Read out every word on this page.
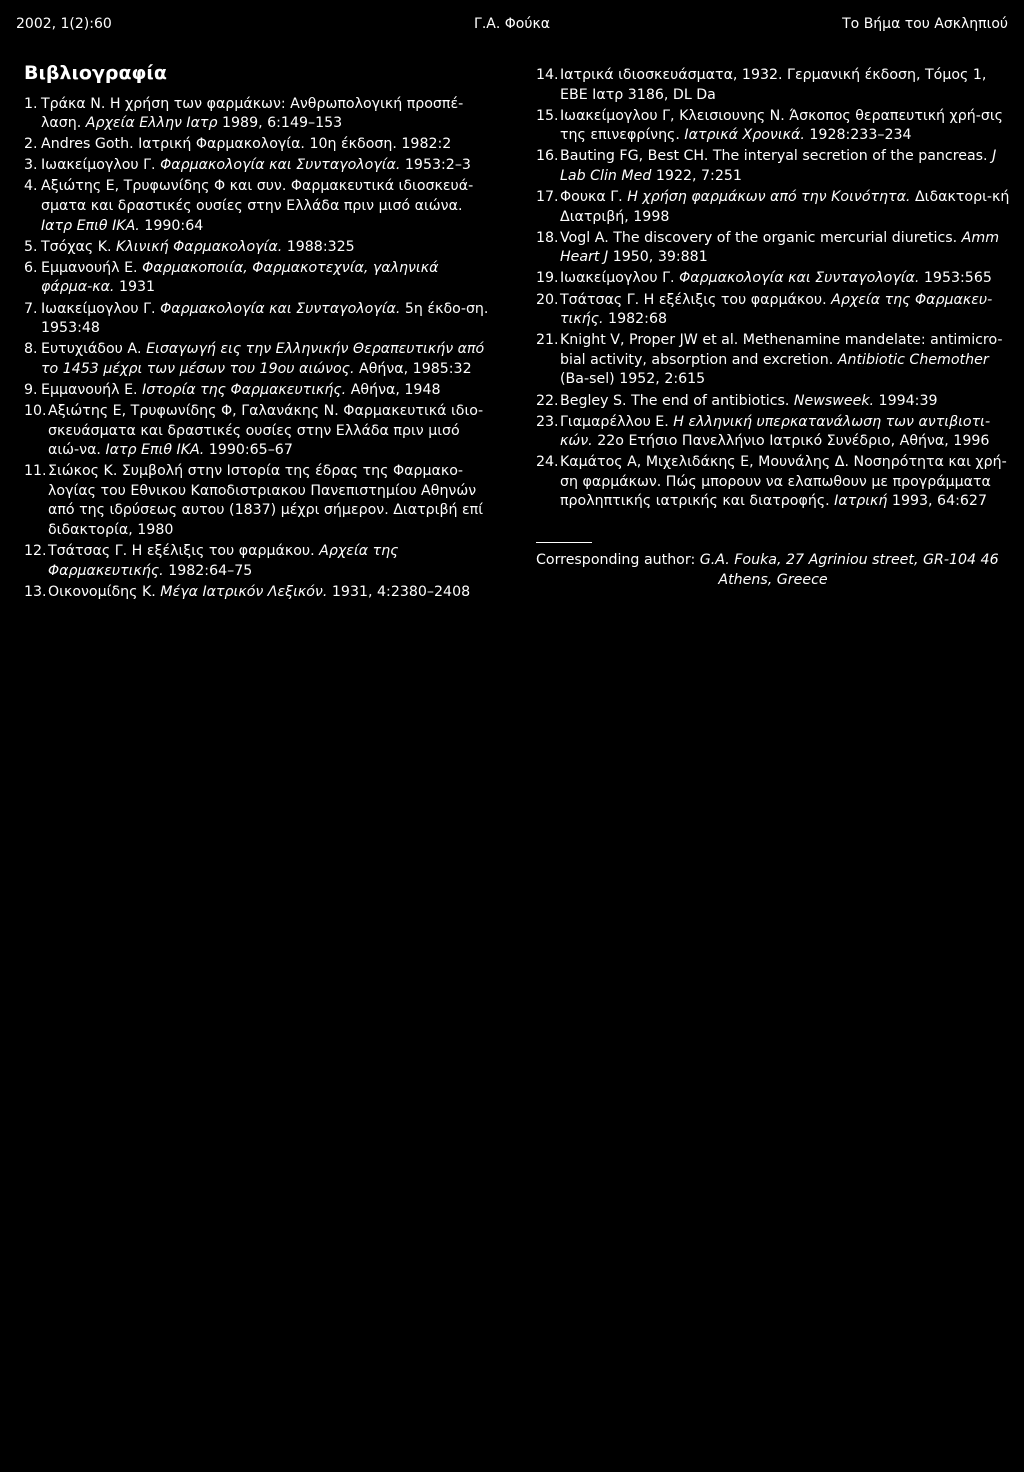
2002, 1(2):60	Γ.Α. Φούκα	Το Βήμα του Ασκληπιού
Βιβλιογραφία
1. Τράκα Ν. Η χρήση των φαρμάκων: Ανθρωπολογική προσπέ-λαση. Αρχεία Ελλην Ιατρ 1989, 6:149–153
2. Andres Goth. Ιατρική Φαρμακολογία. 10η έκδοση. 1982:2
3. Ιωακείμογλου Γ. Φαρμακολογία και Συνταγολογία. 1953:2–3
4. Αξιώτης Ε, Τρυφωνίδης Φ και συν. Φαρμακευτικά ιδιοσκευά-σματα και δραστικές ουσίες στην Ελλάδα πριν μισό αιώνα. Ιατρ Επιθ ΙΚΑ. 1990:64
5. Τσόχας Κ. Κλινική Φαρμακολογία. 1988:325
6. Εμμανουήλ Ε. Φαρμακοποιία, Φαρμακοτεχνία, γαληνικά φάρμα-κα. 1931
7. Ιωακείμογλου Γ. Φαρμακολογία και Συνταγολογία. 5η έκδο-ση. 1953:48
8. Ευτυχιάδου Α. Εισαγωγή εις την Ελληνικήν Θεραπευτικήν από το 1453 μέχρι των μέσων του 19ου αιώνος. Αθήνα, 1985:32
9. Εμμανουήλ Ε. Ιστορία της Φαρμακευτικής. Αθήνα, 1948
10. Αξιώτης Ε, Τρυφωνίδης Φ, Γαλανάκης Ν. Φαρμακευτικά ιδιο-σκευάσματα και δραστικές ουσίες στην Ελλάδα πριν μισό αιώ-να. Ιατρ Επιθ ΙΚΑ. 1990:65–67
11. Σιώκος Κ. Συμβολή στην Ιστορία της έδρας της Φαρμακο-λογίας του Εθνικου Καποδιστριακου Πανεπιστημίου Αθηνών από της ιδρύσεως αυτου (1837) μέχρι σήμερον. Διατριβή επί διδακτορία, 1980
12. Τσάτσας Γ. Η εξέλιξις του φαρμάκου. Αρχεία της Φαρμακευτικής. 1982:64–75
13. Οικονομίδης Κ. Μέγα Ιατρικόν Λεξικόν. 1931, 4:2380–2408
14. Ιατρικά ιδιοσκευάσματα, 1932. Γερμανική έκδοση, Τόμος 1, ΕΒΕ Ιατρ 3186, DL Da
15. Ιωακείμογλου Γ, Κλεισιουνης Ν. Άσκοπος θεραπευτική χρή-σις της επινεφρίνης. Ιατρικά Χρονικά. 1928:233–234
16. Bauting FG, Best CH. The interyal secretion of the pancreas. J Lab Clin Med 1922, 7:251
17. Φουκα Γ. Η χρήση φαρμάκων από την Κοινότητα. Διδακτορι-κή Διατριβή, 1998
18. Vogl A. The discovery of the organic mercurial diuretics. Amm Heart J 1950, 39:881
19. Ιωακείμογλου Γ. Φαρμακολογία και Συνταγολογία. 1953:565
20. Τσάτσας Γ. Η εξέλιξις του φαρμάκου. Αρχεία της Φαρμακευ-τικής. 1982:68
21. Knight V, Proper JW et al. Methenamine mandelate: antimicro-bial activity, absorption and excretion. Antibiotic Chemother (Ba-sel) 1952, 2:615
22. Begley S. The end of antibiotics. Newsweek. 1994:39
23. Γιαμαρέλλου Ε. Η ελληνική υπερκατανάλωση των αντιβιοτι-κών. 22ο Ετήσιο Πανελλήνιο Ιατρικό Συνέδριο, Αθήνα, 1996
24. Καμάτος Α, Μιχελιδάκης Ε, Μουνάλης Δ. Νοσηρότητα και χρή-ση φαρμάκων. Πώς μπορουν να ελαπωθουν με προγράμματα προληπτικής ιατρικής και διατροφής. Ιατρική 1993, 64:627
Corresponding author: G.A. Fouka, 27 Agriniou street, GR-104 46
Athens, Greece
